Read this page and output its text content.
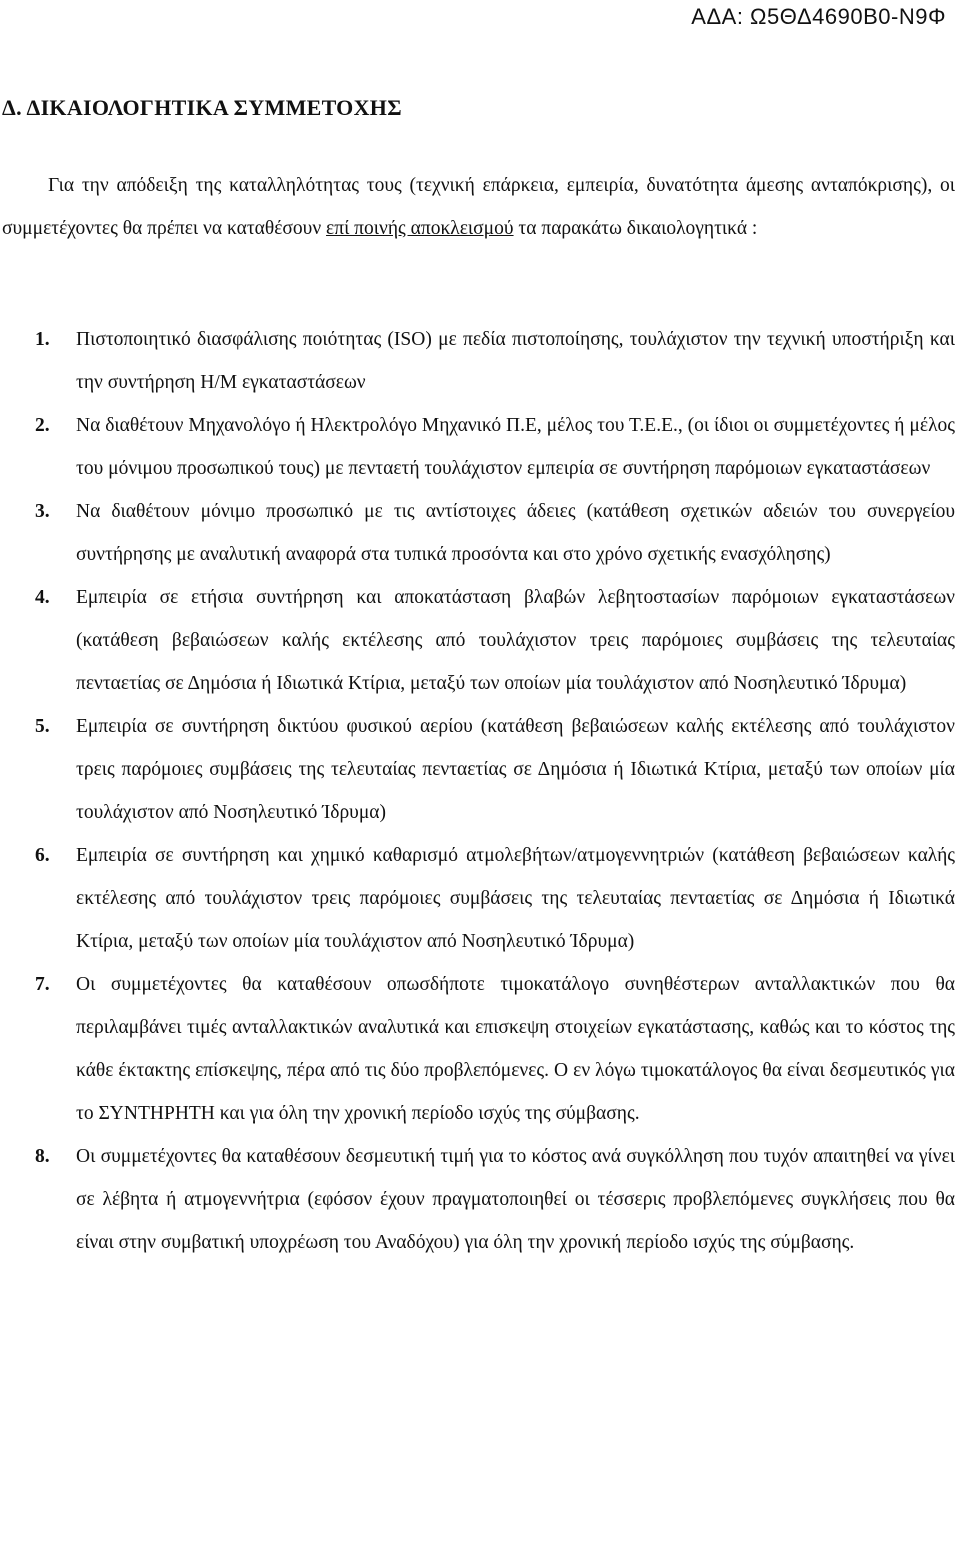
ΑΔΑ: Ω5ΘΔ4690Β0-Ν9Φ
Δ. ΔΙΚΑΙΟΛΟΓΗΤΙΚΑ ΣΥΜΜΕΤΟΧΗΣ

Για την απόδειξη της καταλληλότητας τους (τεχνική επάρκεια, εμπειρία, δυνατότητα άμεσης ανταπόκρισης), οι συμμετέχοντες θα πρέπει να καταθέσουν επί ποινής αποκλεισμού τα παρακάτω δικαιολογητικά :

1.	Πιστοποιητικό διασφάλισης ποιότητας (ISO) με πεδία πιστοποίησης, τουλάχιστον την τεχνική υποστήριξη και την συντήρηση Η/Μ εγκαταστάσεων
2.	Να διαθέτουν Μηχανολόγο ή Ηλεκτρολόγο Μηχανικό Π.Ε, μέλος του Τ.Ε.Ε., (οι ίδιοι οι συμμετέχοντες ή μέλος του μόνιμου προσωπικού τους) με πενταετή τουλάχιστον εμπειρία σε συντήρηση παρόμοιων εγκαταστάσεων
3.	Να διαθέτουν μόνιμο προσωπικό με τις αντίστοιχες άδειες (κατάθεση σχετικών αδειών του συνεργείου συντήρησης με αναλυτική αναφορά στα τυπικά προσόντα και στο χρόνο σχετικής ενασχόλησης)
4.	Εμπειρία σε ετήσια συντήρηση και αποκατάσταση βλαβών λεβητοστασίων παρόμοιων εγκαταστάσεων (κατάθεση βεβαιώσεων καλής εκτέλεσης από τουλάχιστον τρεις παρόμοιες συμβάσεις της τελευταίας πενταετίας σε Δημόσια ή Ιδιωτικά Κτίρια, μεταξύ των οποίων μία τουλάχιστον από Νοσηλευτικό Ίδρυμα)
5.	Εμπειρία σε συντήρηση δικτύου φυσικού αερίου (κατάθεση βεβαιώσεων καλής εκτέλεσης από τουλάχιστον τρεις παρόμοιες συμβάσεις της τελευταίας πενταετίας σε Δημόσια ή Ιδιωτικά Κτίρια, μεταξύ των οποίων μία τουλάχιστον από Νοσηλευτικό Ίδρυμα)
6.	Εμπειρία σε συντήρηση και χημικό καθαρισμό ατμολεβήτων/ατμογεννητριών (κατάθεση βεβαιώσεων καλής εκτέλεσης από τουλάχιστον τρεις παρόμοιες συμβάσεις της τελευταίας πενταετίας σε Δημόσια ή Ιδιωτικά Κτίρια, μεταξύ των οποίων μία τουλάχιστον από Νοσηλευτικό Ίδρυμα)
7.	Οι συμμετέχοντες θα καταθέσουν οπωσδήποτε τιμοκατάλογο συνηθέστερων ανταλλακτικών που θα περιλαμβάνει τιμές ανταλλακτικών αναλυτικά και επισκεψη στοιχείων εγκατάστασης, καθώς και το κόστος της κάθε έκτακτης επίσκεψης, πέρα από τις δύο προβλεπόμενες. Ο εν λόγω τιμοκατάλογος θα είναι δεσμευτικός για το ΣΥΝΤΗΡΗΤΗ και για όλη την χρονική περίοδο ισχύς της σύμβασης.
8.	Οι συμμετέχοντες θα καταθέσουν δεσμευτική τιμή για το κόστος ανά συγκόλληση που τυχόν απαιτηθεί να γίνει σε λέβητα ή ατμογεννήτρια (εφόσον έχουν πραγματοποιηθεί οι τέσσερις προβλεπόμενες συγκλήσεις που θα είναι στην συμβατική υποχρέωση του Αναδόχου) για όλη την χρονική περίοδο ισχύς της σύμβασης.
